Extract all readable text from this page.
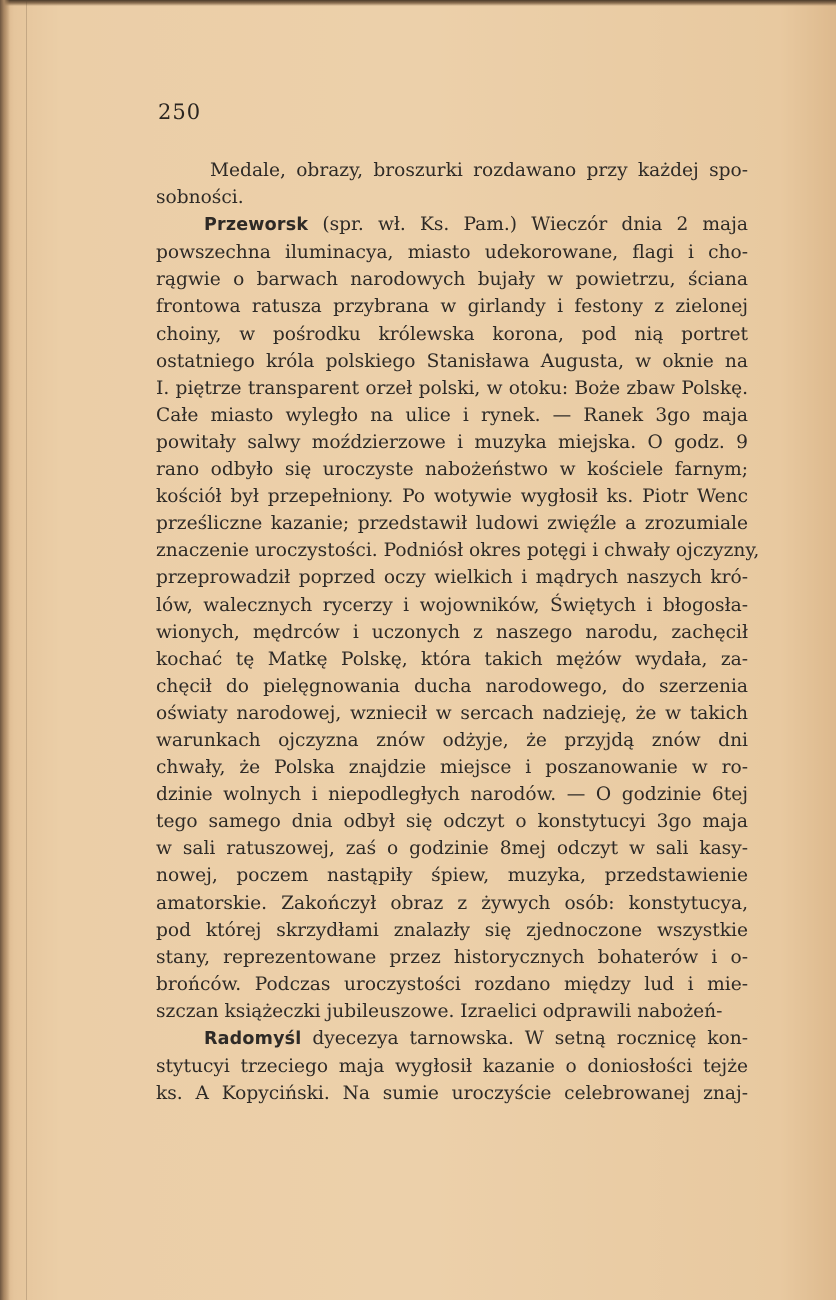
250
Medale, obrazy, broszurki rozdawano przy każdej spo-
sobności.
Przeworsk (spr. wł. Ks. Pam.) Wieczór dnia 2 maja
powszechna iluminacya, miasto udekorowane, flagi i cho-
rągwie o barwach narodowych bujały w powietrzu, ściana
frontowa ratusza przybrana w girlandy i festony z zielonej
choiny, w pośrodku królewska korona, pod nią portret
ostatniego króla polskiego Stanisława Augusta, w oknie na
I. piętrze transparent orzeł polski, w otoku: Boże zbaw Polskę.
Całe miasto wyległo na ulice i rynek. — Ranek 3go maja
powitały salwy moździerzowe i muzyka miejska. O godz. 9
rano odbyło się uroczyste nabożeństwo w kościele farnym;
kościół był przepełniony. Po wotywie wygłosił ks. Piotr Wenc
prześliczne kazanie; przedstawił ludowi zwięźle a zrozumiale
znaczenie uroczystości. Podniósł okres potęgi i chwały ojczyzny,
przeprowadził poprzed oczy wielkich i mądrych naszych kró-
lów, walecznych rycerzy i wojowników, Świętych i błogosła-
wionych, mędrców i uczonych z naszego narodu, zachęcił
kochać tę Matkę Polskę, która takich mężów wydała, za-
chęcił do pielęgnowania ducha narodowego, do szerzenia
oświaty narodowej, wzniecił w sercach nadzieję, że w takich
warunkach ojczyzna znów odżyje, że przyjdą znów dni
chwały, że Polska znajdzie miejsce i poszanowanie w ro-
dzinie wolnych i niepodległych narodów. — O godzinie 6tej
tego samego dnia odbył się odczyt o konstytucyi 3go maja
w sali ratuszowej, zaś o godzinie 8mej odczyt w sali kasy-
nowej, poczem nastąpiły śpiew, muzyka, przedstawienie
amatorskie. Zakończył obraz z żywych osób: konstytucya,
pod której skrzydłami znalazły się zjednoczone wszystkie
stany, reprezentowane przez historycznych bohaterów i o-
brońców. Podczas uroczystości rozdano między lud i mie-
szczan książeczki jubileuszowe. Izraelici odprawili nabożeń-
Radomyśl dyecezya tarnowska. W setną rocznicę kon-
stytucyi trzeciego maja wygłosił kazanie o doniosłości tejże
ks. A Kopyciński. Na sumie uroczyście celebrowanej znaj-
